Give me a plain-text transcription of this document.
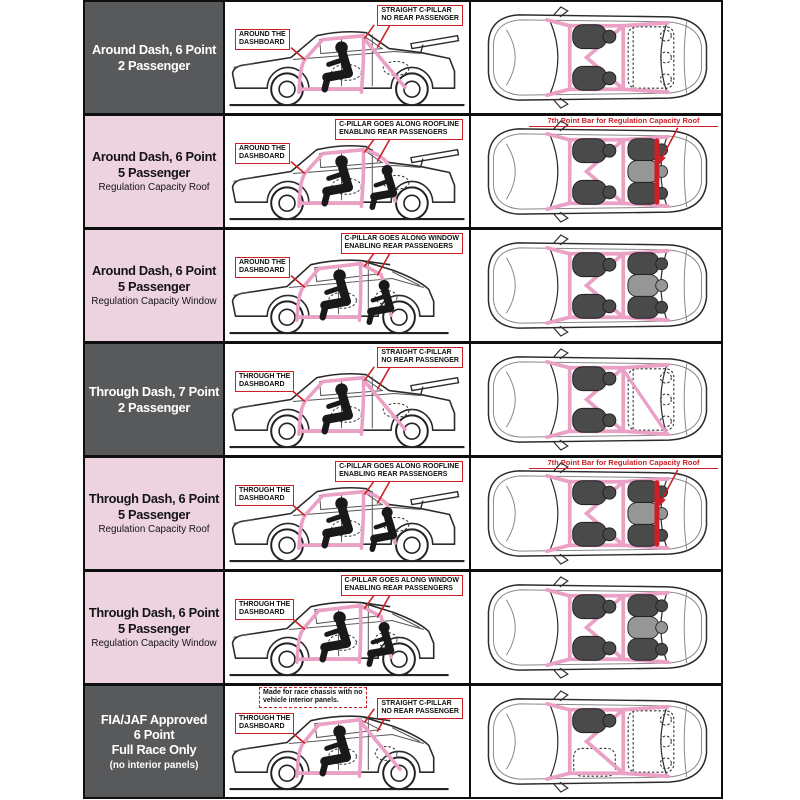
Around Dash, 6 Point
2 Passenger
AROUND THE
DASHBOARD
STRAIGHT C-PILLAR
NO REAR PASSENGER
Around Dash, 6 Point
5 Passenger
Regulation Capacity Roof
AROUND THE
DASHBOARD
C-PILLAR GOES ALONG ROOFLINE
ENABLING REAR PASSENGERS
7th Point Bar for Regulation Capacity Roof
Around Dash, 6 Point
5 Passenger
Regulation Capacity Window
AROUND THE
DASHBOARD
C-PILLAR GOES ALONG WINDOW
ENABLING REAR PASSENGERS
Through Dash, 7 Point
2 Passenger
THROUGH THE
DASHBOARD
STRAIGHT C-PILLAR
NO REAR PASSENGER
Through Dash, 6 Point
5 Passenger
Regulation Capacity Roof
THROUGH THE
DASHBOARD
C-PILLAR GOES ALONG ROOFLINE
ENABLING REAR PASSENGERS
7th Point Bar for Regulation Capacity Roof
Through Dash, 6 Point
5 Passenger
Regulation Capacity Window
THROUGH THE
DASHBOARD
C-PILLAR GOES ALONG WINDOW
ENABLING REAR PASSENGERS
FIA/JAF Approved
6 Point
Full Race Only
(no interior panels)
Made for race chassis with no
vehicle interior panels.
THROUGH THE
DASHBOARD
STRAIGHT C-PILLAR
NO REAR PASSENGER
